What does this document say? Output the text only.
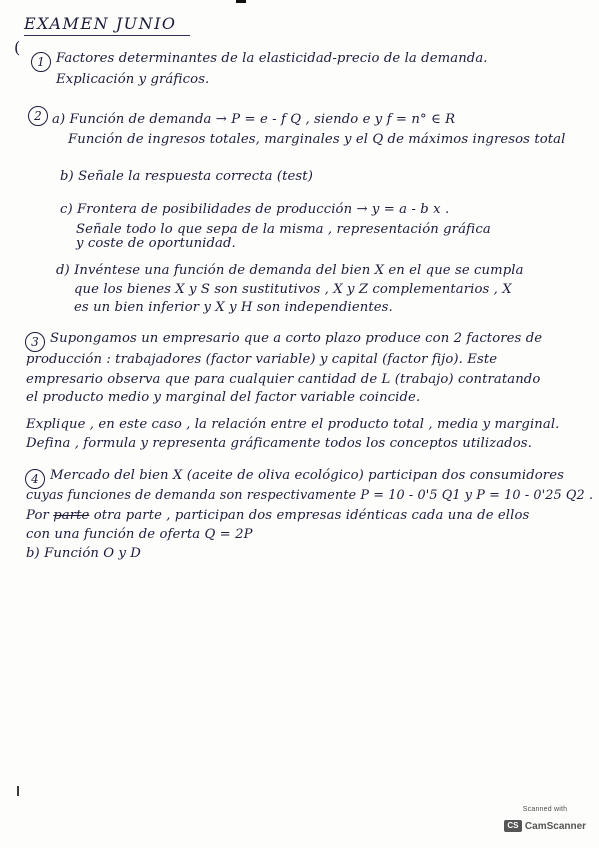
(
EXAMEN JUNIO
1 Factores determinantes de la elasticidad-precio de la demanda.
Explicación y gráficos.
2 a) Función de demanda → P = e - f Q , siendo e y f = n° ∈ R
Función de ingresos totales, marginales y el Q de máximos ingresos total
b) Señale la respuesta correcta (test)
c) Frontera de posibilidades de producción → y = a - b x .
Señale todo lo que sepa de la misma , representación gráfica
y coste de oportunidad.
d) Invéntese una función de demanda del bien X en el que se cumpla
que los bienes X y S son sustitutivos , X y Z complementarios , X
es un bien inferior y X y H son independientes.
3 Supongamos un empresario que a corto plazo produce con 2 factores de
producción : trabajadores (factor variable) y capital (factor fijo). Este
empresario observa que para cualquier cantidad de L (trabajo) contratando
el producto medio y marginal del factor variable coincide.
Explique , en este caso , la relación entre el producto total , media y marginal.
Defina , formula y representa gráficamente todos los conceptos utilizados.
4 Mercado del bien X (aceite de oliva ecológico) participan dos consumidores
cuyas funciones de demanda son respectivamente P = 10 - 0'5 Q1 y P = 10 - 0'25 Q2 .
Por parte otra parte , participan dos empresas idénticas cada una de ellos
con una función de oferta Q = 2P
b) Función O y D
Scanned with
CS CamScanner
